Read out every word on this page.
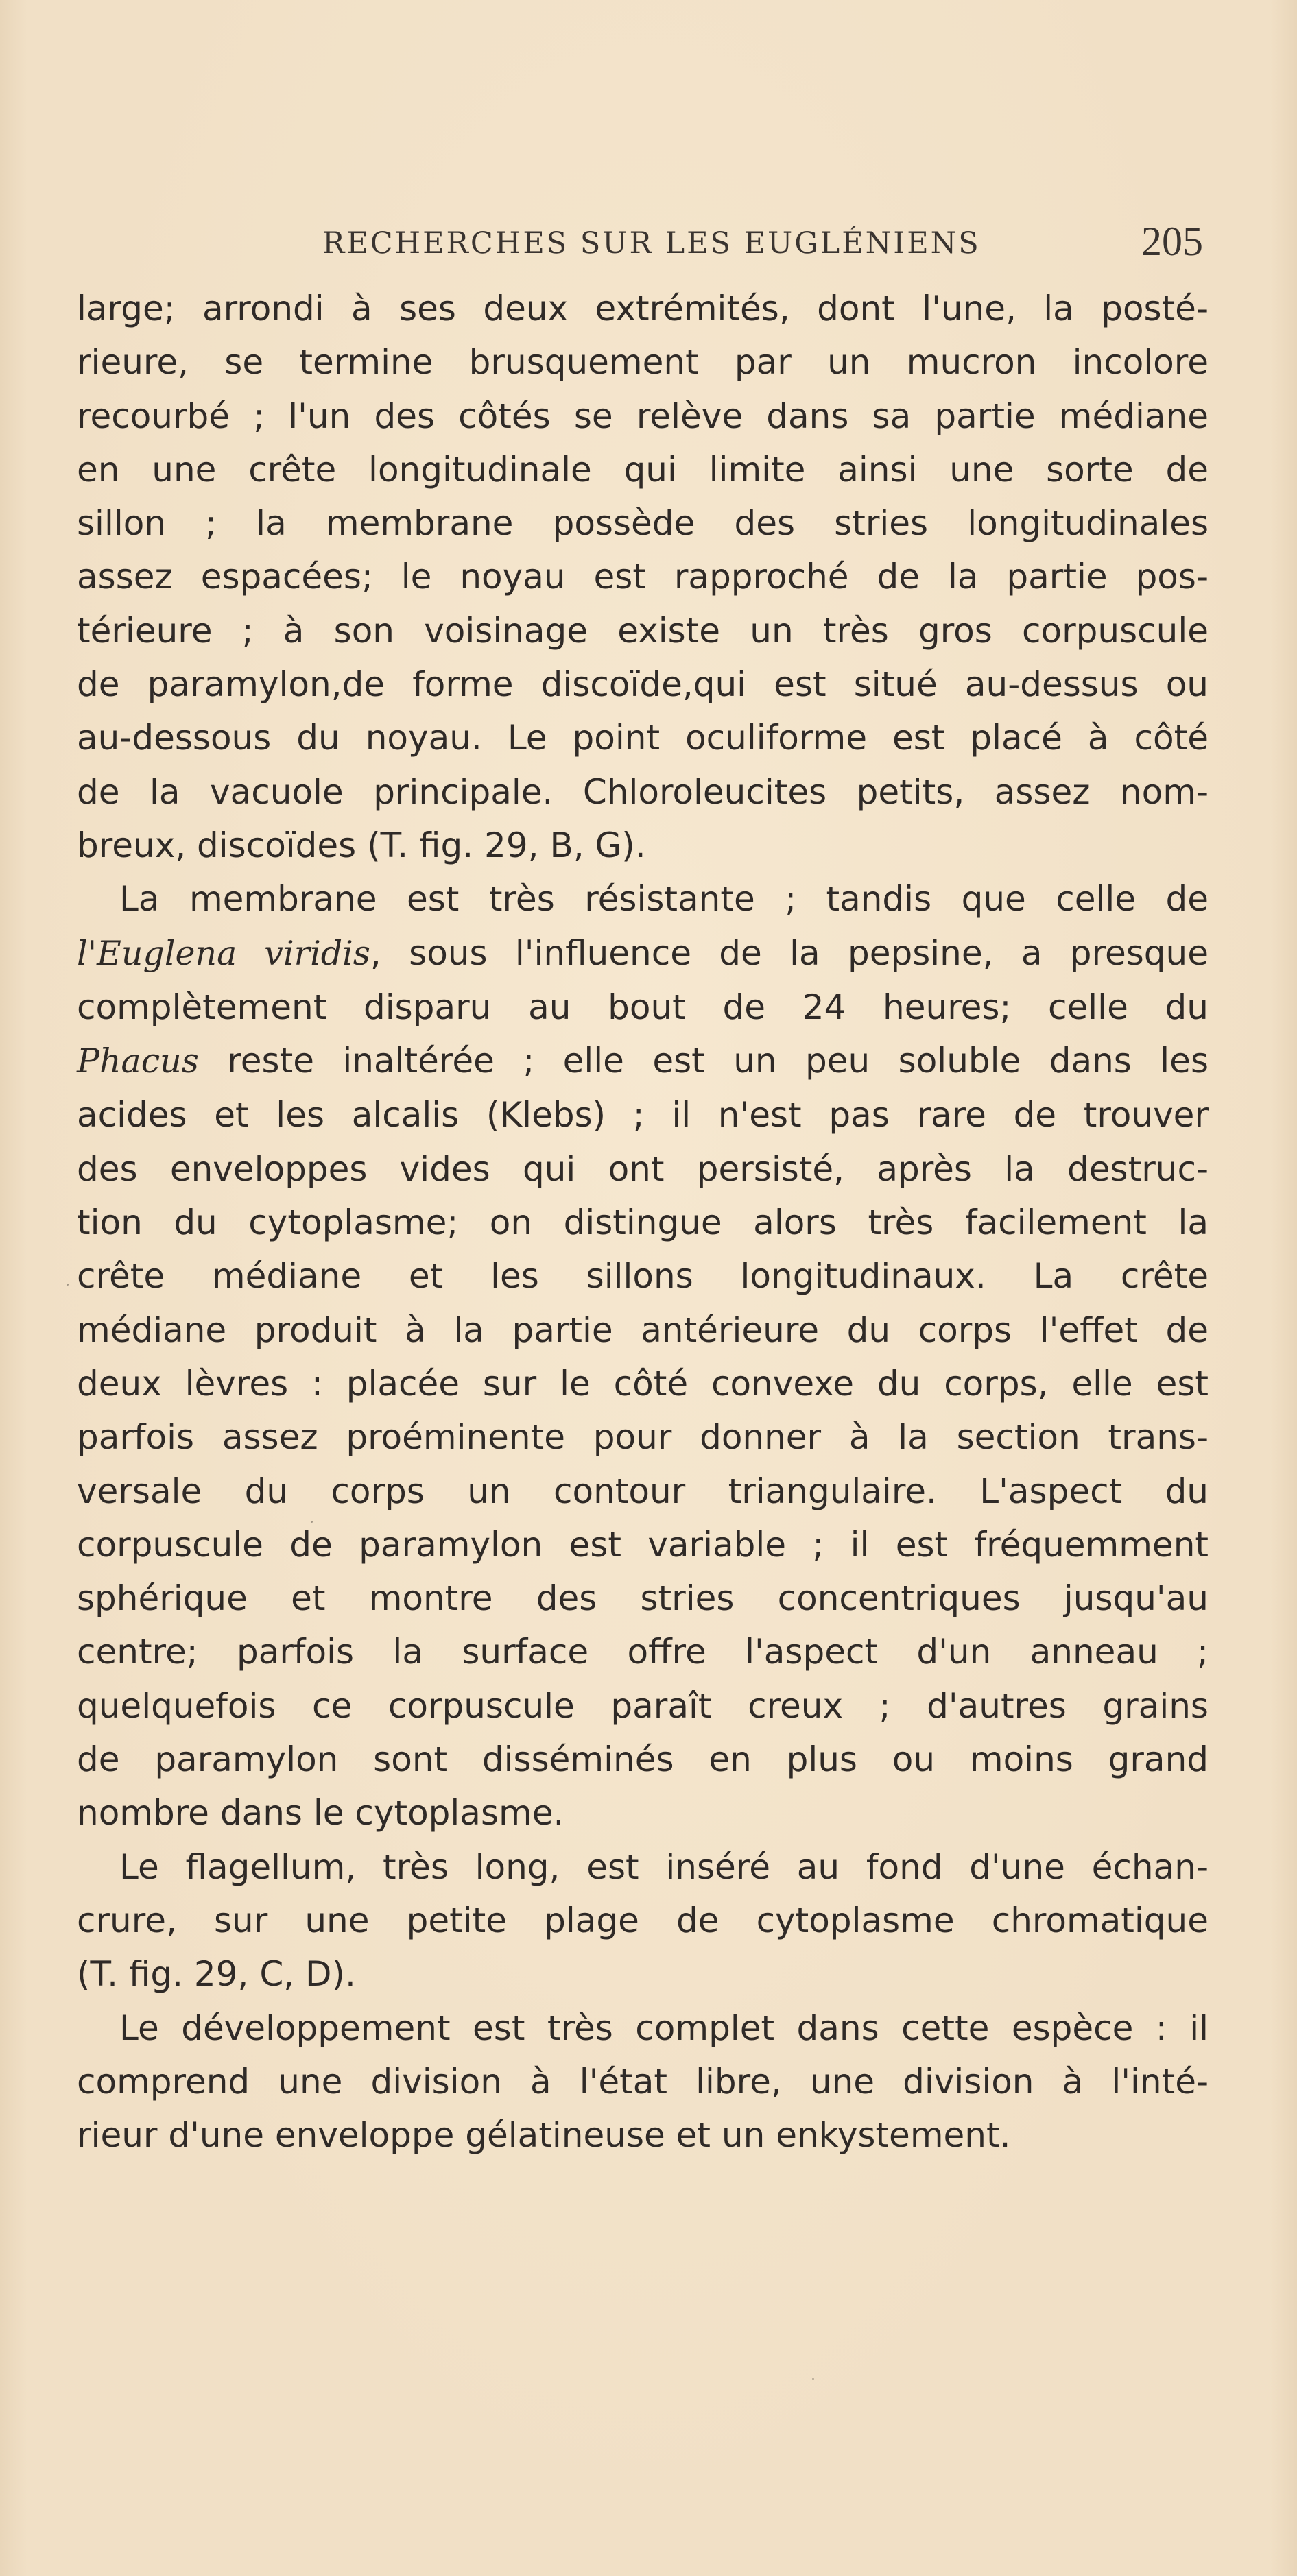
RECHERCHES SUR LES EUGLÉNIENS	205
large; arrondi à ses deux extrémités, dont l'une, la posté-
rieure, se termine brusquement par un mucron incolore
recourbé ; l'un des côtés se relève dans sa partie médiane
en une crête longitudinale qui limite ainsi une sorte de
sillon ; la membrane possède des stries longitudinales
assez espacées; le noyau est rapproché de la partie pos-
térieure ; à son voisinage existe un très gros corpuscule
de paramylon,de forme discoïde,qui est situé au-dessus ou
au-dessous du noyau. Le point oculiforme est placé à côté
de la vacuole principale. Chloroleucites petits, assez nom-
breux, discoïdes (T. fig. 29, B, G).
La membrane est très résistante ; tandis que celle de
l'Euglena viridis, sous l'influence de la pepsine, a presque
complètement disparu au bout de 24 heures; celle du
Phacus reste inaltérée ; elle est un peu soluble dans les
acides et les alcalis (Klebs) ; il n'est pas rare de trouver
des enveloppes vides qui ont persisté, après la destruc-
tion du cytoplasme; on distingue alors très facilement la
crête médiane et les sillons longitudinaux. La crête
médiane produit à la partie antérieure du corps l'effet de
deux lèvres : placée sur le côté convexe du corps, elle est
parfois assez proéminente pour donner à la section trans-
versale du corps un contour triangulaire. L'aspect du
corpuscule de paramylon est variable ; il est fréquemment
sphérique et montre des stries concentriques jusqu'au
centre; parfois la surface offre l'aspect d'un anneau ;
quelquefois ce corpuscule paraît creux ; d'autres grains
de paramylon sont disséminés en plus ou moins grand
nombre dans le cytoplasme.
Le flagellum, très long, est inséré au fond d'une échan-
crure, sur une petite plage de cytoplasme chromatique
(T. fig. 29, C, D).
Le développement est très complet dans cette espèce : il
comprend une division à l'état libre, une division à l'inté-
rieur d'une enveloppe gélatineuse et un enkystement.
